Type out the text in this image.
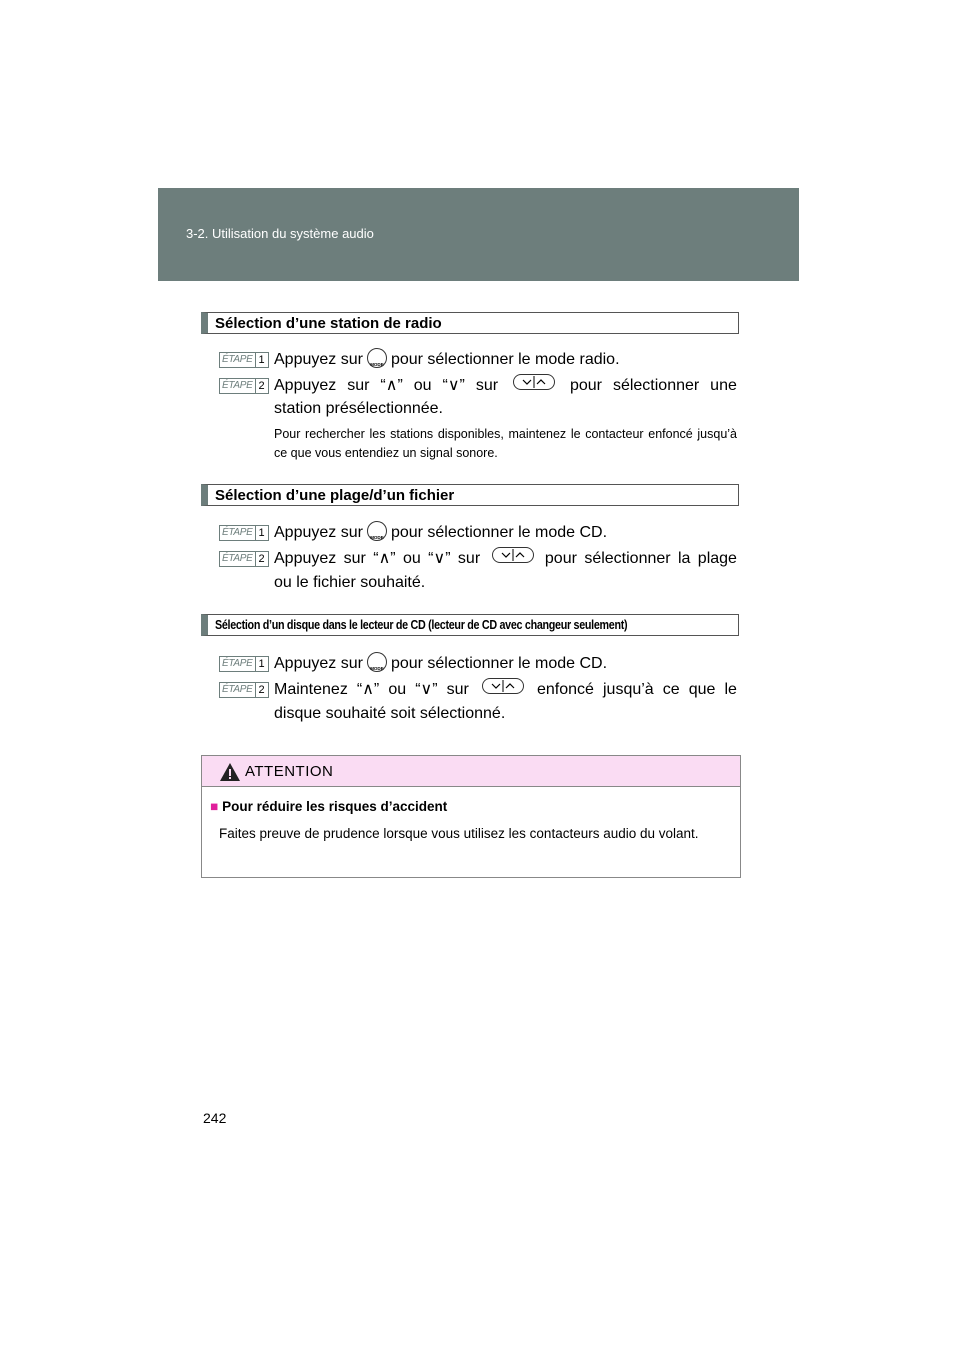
3-2. Utilisation du système audio
Sélection d’une station de radio
ÉTAPE 1 Appuyez sur	MODE pour sélectionner le mode radio.
ÉTAPE 2 Appuyez sur “∧” ou “∨” sur	pour sélectionner une
station présélectionnée.
Pour rechercher les stations disponibles, maintenez le contacteur enfoncé jusqu’à ce que vous entendiez un signal sonore.
Sélection d’une plage/d’un fichier
ÉTAPE 1 Appuyez sur	MODE pour sélectionner le mode CD.
ÉTAPE 2 Appuyez sur “∧” ou “∨” sur	pour sélectionner la plage
ou le fichier souhaité.
Sélection d’un disque dans le lecteur de CD (lecteur de CD avec changeur seulement)
ÉTAPE 1 Appuyez sur	MODE pour sélectionner le mode CD.
ÉTAPE 2 Maintenez “∧” ou “∨” sur	enfoncé jusqu’à ce que le
disque souhaité soit sélectionné.
ATTENTION
■ Pour réduire les risques d’accident
Faites preuve de prudence lorsque vous utilisez les contacteurs audio du volant.
242
